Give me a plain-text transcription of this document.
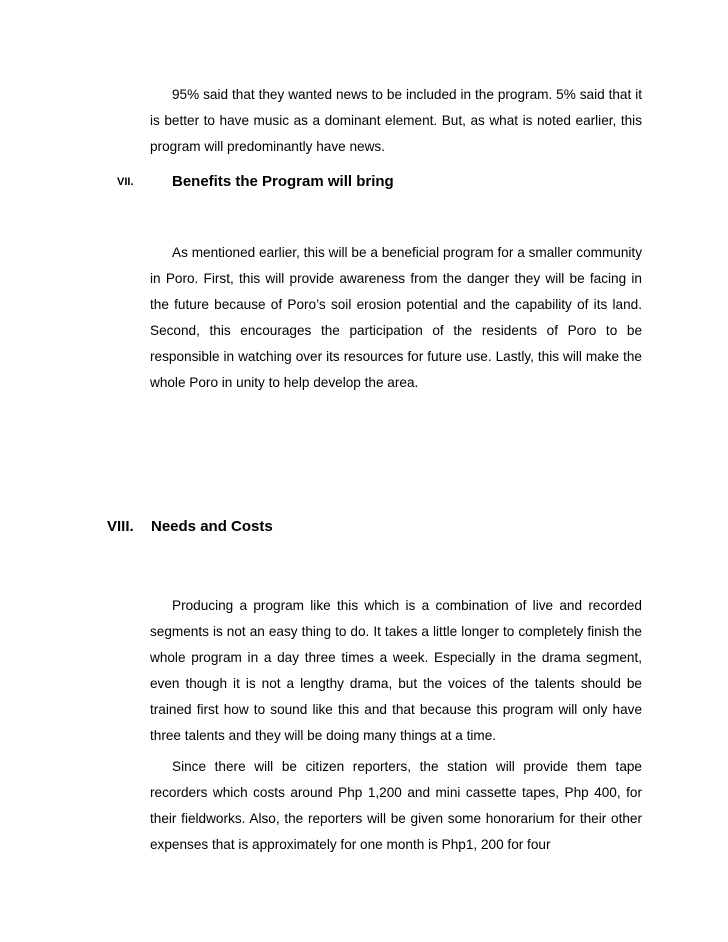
95% said that they wanted news to be included in the program. 5% said that it is better to have music as a dominant element. But, as what is noted earlier, this program will predominantly have news.

VII.	Benefits the Program will bring

As mentioned earlier, this will be a beneficial program for a smaller community in Poro. First, this will provide awareness from the danger they will be facing in the future because of Poro’s soil erosion potential and the capability of its land. Second, this encourages the participation of the residents of Poro to be responsible in watching over its resources for future use. Lastly, this will make the whole Poro in unity to help develop the area.

VIII. Needs and Costs

Producing a program like this which is a combination of live and recorded segments is not an easy thing to do. It takes a little longer to completely finish the whole program in a day three times a week. Especially in the drama segment, even though it is not a lengthy drama, but the voices of the talents should be trained first how to sound like this and that because this program will only have three talents and they will be doing many things at a time.

Since there will be citizen reporters, the station will provide them tape recorders which costs around Php 1,200 and mini cassette tapes, Php 400, for their fieldworks. Also, the reporters will be given some honorarium for their other expenses that is approximately for one month is Php1, 200 for four
